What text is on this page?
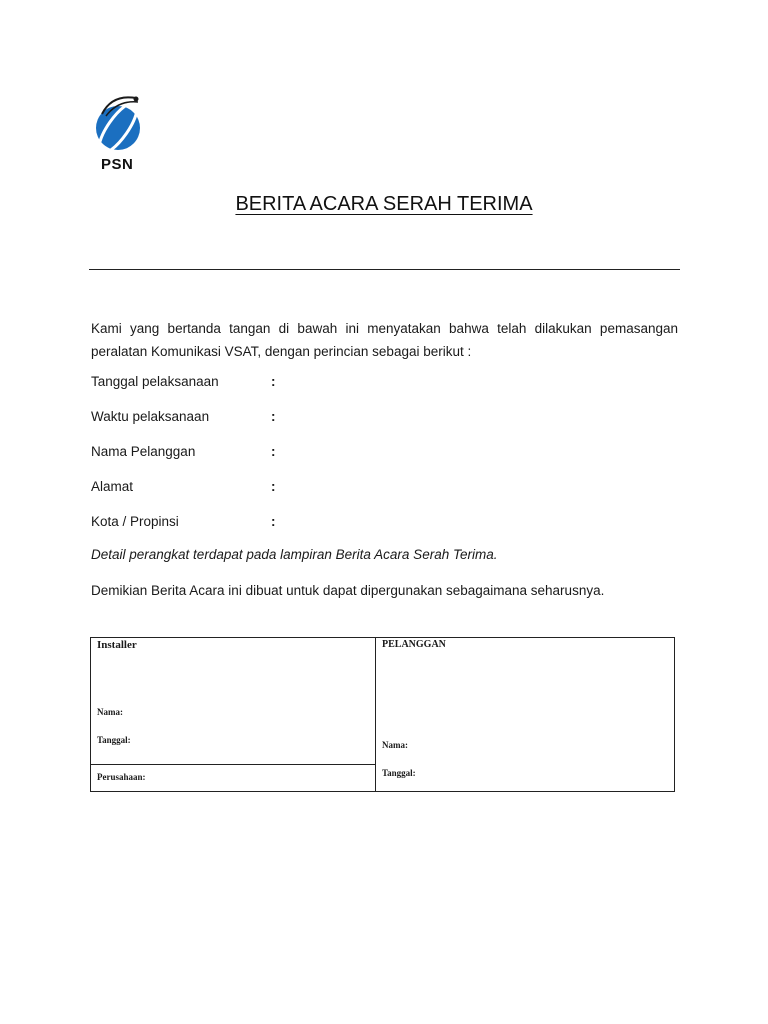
PSN
BERITA ACARA SERAH TERIMA
Kami yang bertanda tangan di bawah ini menyatakan bahwa telah dilakukan pemasangan peralatan Komunikasi VSAT, dengan perincian sebagai berikut :
Tanggal pelaksanaan	:
Waktu pelaksanaan	:
Nama Pelanggan	:
Alamat	:
Kota / Propinsi	:
Detail perangkat terdapat pada lampiran Berita Acara Serah Terima.
Demikian Berita Acara ini dibuat untuk dapat dipergunakan sebagaimana seharusnya.
Installer
Nama:
Tanggal:
Perusahaan:
PELANGGAN
Nama:
Tanggal:
